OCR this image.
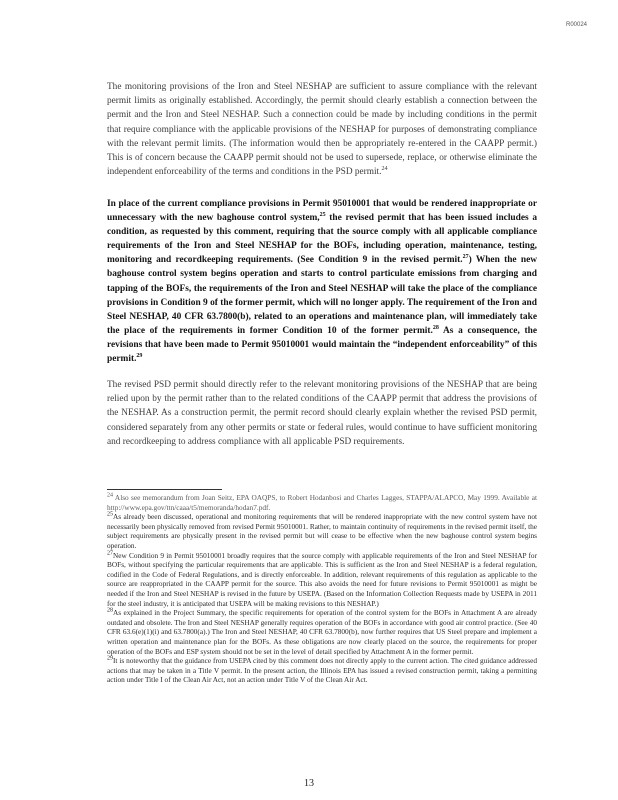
R00024

The monitoring provisions of the Iron and Steel NESHAP are sufficient to assure compliance with the relevant permit limits as originally established. Accordingly, the permit should clearly establish a connection between the permit and the Iron and Steel NESHAP. Such a connection could be made by including conditions in the permit that require compliance with the applicable provisions of the NESHAP for purposes of demonstrating compliance with the relevant permit limits. (The information would then be appropriately re-entered in the CAAPP permit.) This is of concern because the CAAPP permit should not be used to supersede, replace, or otherwise eliminate the independent enforceability of the terms and conditions in the PSD permit.$^{24}$

In place of the current compliance provisions in Permit 95010001 that would be rendered inappropriate or unnecessary with the new baghouse control system,$^{25}$ the revised permit that has been issued includes a condition, as requested by this comment, requiring that the source comply with all applicable compliance requirements of the Iron and Steel NESHAP for the BOFs, including operation, maintenance, testing, monitoring and recordkeeping requirements. (See Condition 9 in the revised permit.$^{27}$) When the new baghouse control system begins operation and starts to control particulate emissions from charging and tapping of the BOFs, the requirements of the Iron and Steel NESHAP will take the place of the compliance provisions in Condition 9 of the former permit, which will no longer apply. The requirement of the Iron and Steel NESHAP, 40 CFR 63.7800(b), related to an operations and maintenance plan, will immediately take the place of the requirements in former Condition 10 of the former permit.$^{28}$ As a consequence, the revisions that have been made to Permit 95010001 would maintain the “independent enforceability” of this permit.$^{29}$

The revised PSD permit should directly refer to the relevant monitoring provisions of the NESHAP that are being relied upon by the permit rather than to the related conditions of the CAAPP permit that address the provisions of the NESHAP. As a construction permit, the permit record should clearly explain whether the revised PSD permit, considered separately from any other permits or state or federal rules, would continue to have sufficient monitoring and recordkeeping to address compliance with all applicable PSD requirements.

$^{24}$ Also see memorandum from Joan Seitz, EPA OAQPS, to Robert Hodanbosi and Charles Lagges, STAPPA/ALAPCO, May 1999. Available at http://www.epa.gov/ttn/caaa/t5/memoranda/hodan7.pdf.

$^{25}$As already been discussed, operational and monitoring requirements that will be rendered inappropriate with the new control system have not necessarily been physically removed from revised Permit 95010001. Rather, to maintain continuity of requirements in the revised permit itself, the subject requirements are physically present in the revised permit but will cease to be effective when the new baghouse control system begins operation.

$^{27}$New Condition 9 in Permit 95010001 broadly requires that the source comply with applicable requirements of the Iron and Steel NESHAP for BOFs, without specifying the particular requirements that are applicable. This is sufficient as the Iron and Steel NESHAP is a federal regulation, codified in the Code of Federal Regulations, and is directly enforceable. In addition, relevant requirements of this regulation as applicable to the source are reappropriated in the CAAPP permit for the source. This also avoids the need for future revisions to Permit 95010001 as might be needed if the Iron and Steel NESHAP is revised in the future by USEPA. (Based on the Information Collection Requests made by USEPA in 2011 for the steel industry, it is anticipated that USEPA will be making revisions to this NESHAP.)

$^{28}$As explained in the Project Summary, the specific requirements for operation of the control system for the BOFs in Attachment A are already outdated and obsolete. The Iron and Steel NESHAP generally requires operation of the BOFs in accordance with good air control practice. (See 40 CFR 63.6(e)(1)(i) and 63.7800(a).) The Iron and Steel NESHAP, 40 CFR 63.7800(b), now further requires that US Steel prepare and implement a written operation and maintenance plan for the BOFs. As these obligations are now clearly placed on the source, the requirements for proper operation of the BOFs and ESP system should not be set in the level of detail specified by Attachment A in the former permit.

$^{29}$It is noteworthy that the guidance from USEPA cited by this comment does not directly apply to the current action. The cited guidance addressed actions that may be taken in a Title V permit. In the present action, the Illinois EPA has issued a revised construction permit, taking a permitting action under Title I of the Clean Air Act, not an action under Title V of the Clean Air Act.

13
